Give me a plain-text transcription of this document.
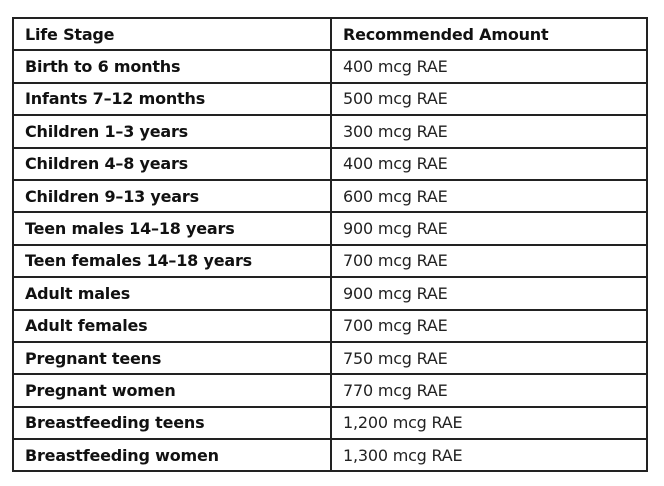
Life Stage	Recommended Amount
Birth to 6 months	400 mcg RAE
Infants 7–12 months	500 mcg RAE
Children 1–3 years	300 mcg RAE
Children 4–8 years	400 mcg RAE
Children 9–13 years	600 mcg RAE
Teen males 14–18 years	900 mcg RAE
Teen females 14–18 years	700 mcg RAE
Adult males	900 mcg RAE
Adult females	700 mcg RAE
Pregnant teens	750 mcg RAE
Pregnant women	770 mcg RAE
Breastfeeding teens	1,200 mcg RAE
Breastfeeding women	1,300 mcg RAE
